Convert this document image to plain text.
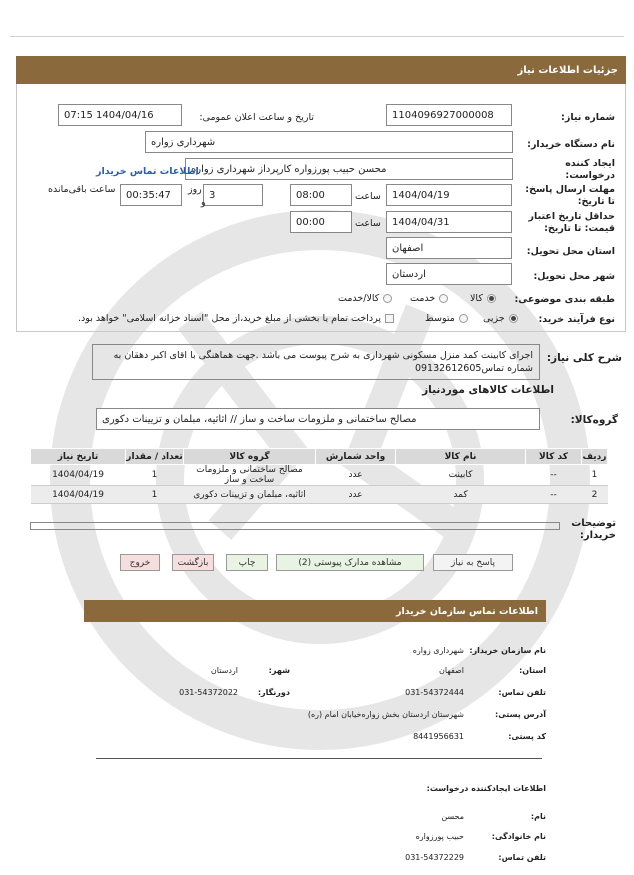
جزئیات اطلاعات نیاز
شماره نیاز:
1104096927000008
تاریخ و ساعت اعلان عمومی:
1404/04/16 07:15
نام دستگاه خریدار:
شهرداری زواره
ایجاد کننده درخواست:
محسن حبیب پورزواره کارپرداز شهرداری زواره
اطلاعات تماس خریدار
مهلت ارسال پاسخ: تا تاریخ:
1404/04/19
ساعت
08:00
3
روز
و
00:35:47
ساعت باقی‌مانده
حداقل تاریخ اعتبار قیمت: تا تاریخ:
1404/04/31
ساعت
00:00
استان محل تحویل:
اصفهان
شهر محل تحویل:
اردستان
طبقه بندی موضوعی:
کالا
خدمت
کالا/خدمت
نوع فرآیند خرید:
جزیی
متوسط
پرداخت تمام یا بخشی از مبلغ خرید،از محل "اسناد خزانه اسلامی" خواهد بود.
شرح کلی نیاز:
اجرای کابینت کمد منزل مسکونی شهرداری به شرح پیوست می باشد .جهت هماهنگی با اقای اکبر دهقان به شماره تماس09132612605
اطلاعات کالاهای موردنیاز
گروه‌کالا:
مصالح ساختمانی و ملزومات ساخت و ساز // اثاثیه، مبلمان و تزیینات دکوری
ردیف	کد کالا	نام کالا	واحد شمارش	گروه کالا	تعداد / مقدار	تاریخ نیاز
1	--	کابینت	عدد	مصالح ساختمانی و ملزومات ساخت و ساز	1	1404/04/19
2	--	کمد	عدد	اثاثیه، مبلمان و تزیینات دکوری	1	1404/04/19
توضیحات خریدار:
پاسخ به نیاز
مشاهده مدارک پیوستی (2)
چاپ
بازگشت
خروج
اطلاعات تماس سازمان خریدار
نام سازمان خریدار:
شهرداری زواره
استان:
اصفهان
شهر:
اردستان
تلفن تماس:
031-54372444
دورنگار:
031-54372022
آدرس پستی:
شهرستان اردستان بخش زواره‌خیابان امام (ره)
کد پستی:
8441956631
اطلاعات ایجادکننده درخواست:
نام:
محسن
نام خانوادگی:
حبیب پورزواره
تلفن تماس:
031-54372229
